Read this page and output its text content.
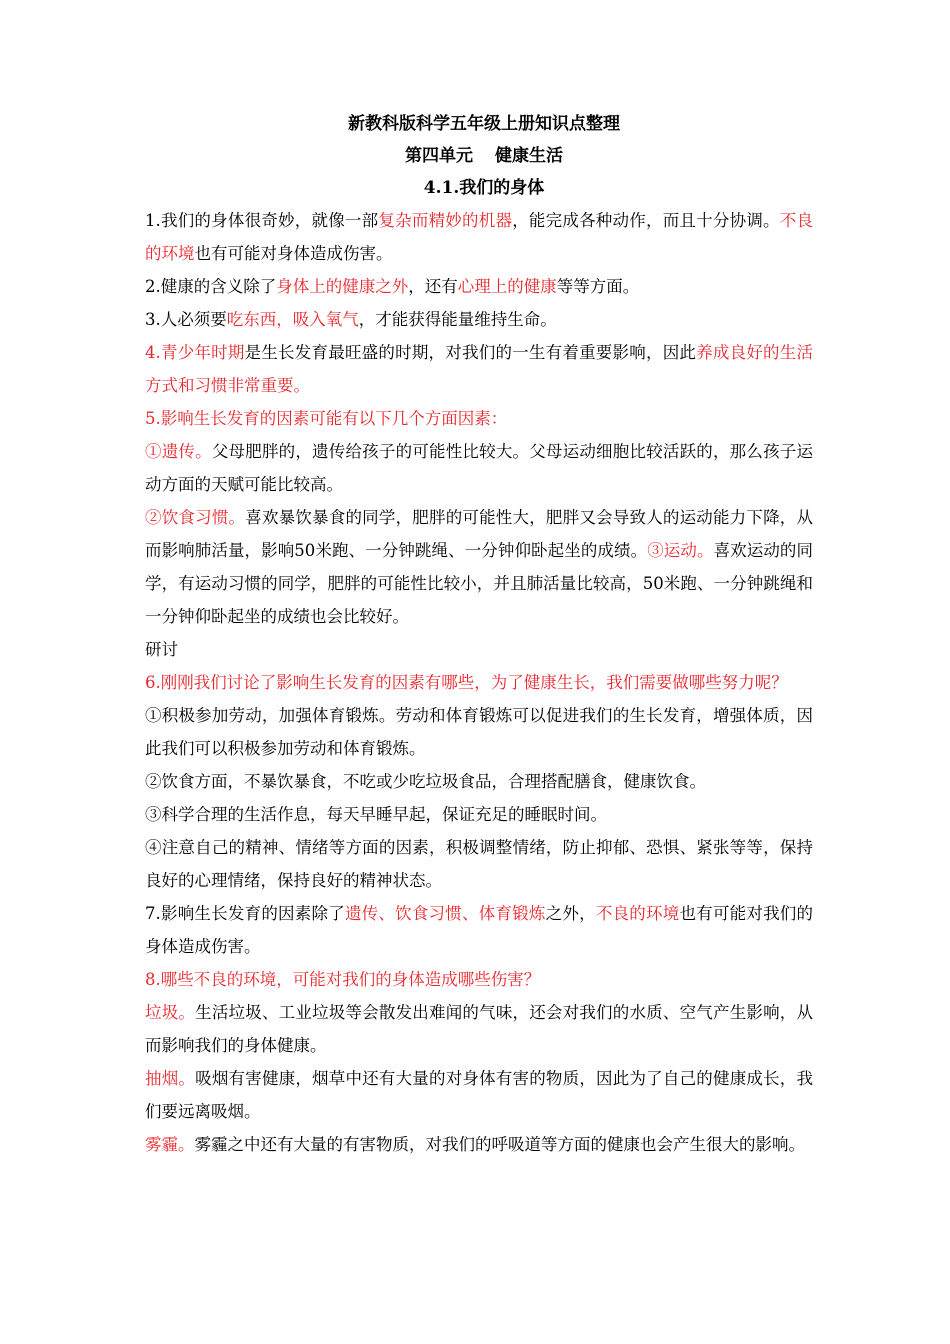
新教科版科学五年级上册知识点整理
第四单元 健康生活
4.1.我们的身体

1.我们的身体很奇妙，就像一部复杂而精妙的机器，能完成各种动作，而且十分协调。不良的环境也有可能对身体造成伤害。

2.健康的含义除了身体上的健康之外，还有心理上的健康等等方面。

3.人必须要吃东西，吸入氧气，才能获得能量维持生命。

4.青少年时期是生长发育最旺盛的时期，对我们的一生有着重要影响，因此养成良好的生活方式和习惯非常重要。

5.影响生长发育的因素可能有以下几个方面因素：

①遗传。父母肥胖的，遗传给孩子的可能性比较大。父母运动细胞比较活跃的，那么孩子运动方面的天赋可能比较高。

②饮食习惯。喜欢暴饮暴食的同学，肥胖的可能性大，肥胖又会导致人的运动能力下降，从而影响肺活量，影响50米跑、一分钟跳绳、一分钟仰卧起坐的成绩。③运动。喜欢运动的同学，有运动习惯的同学，肥胖的可能性比较小，并且肺活量比较高，50米跑、一分钟跳绳和一分钟仰卧起坐的成绩也会比较好。

研讨

6.刚刚我们讨论了影响生长发育的因素有哪些，为了健康生长，我们需要做哪些努力呢？

①积极参加劳动，加强体育锻炼。劳动和体育锻炼可以促进我们的生长发育，增强体质，因此我们可以积极参加劳动和体育锻炼。

②饮食方面，不暴饮暴食，不吃或少吃垃圾食品，合理搭配膳食，健康饮食。

③科学合理的生活作息，每天早睡早起，保证充足的睡眠时间。

④注意自己的精神、情绪等方面的因素，积极调整情绪，防止抑郁、恐惧、紧张等等，保持良好的心理情绪，保持良好的精神状态。

7.影响生长发育的因素除了遗传、饮食习惯、体育锻炼之外，不良的环境也有可能对我们的身体造成伤害。

8.哪些不良的环境，可能对我们的身体造成哪些伤害？

垃圾。生活垃圾、工业垃圾等会散发出难闻的气味，还会对我们的水质、空气产生影响，从而影响我们的身体健康。

抽烟。吸烟有害健康，烟草中还有大量的对身体有害的物质，因此为了自己的健康成长，我们要远离吸烟。

雾霾。雾霾之中还有大量的有害物质，对我们的呼吸道等方面的健康也会产生很大的影响。
